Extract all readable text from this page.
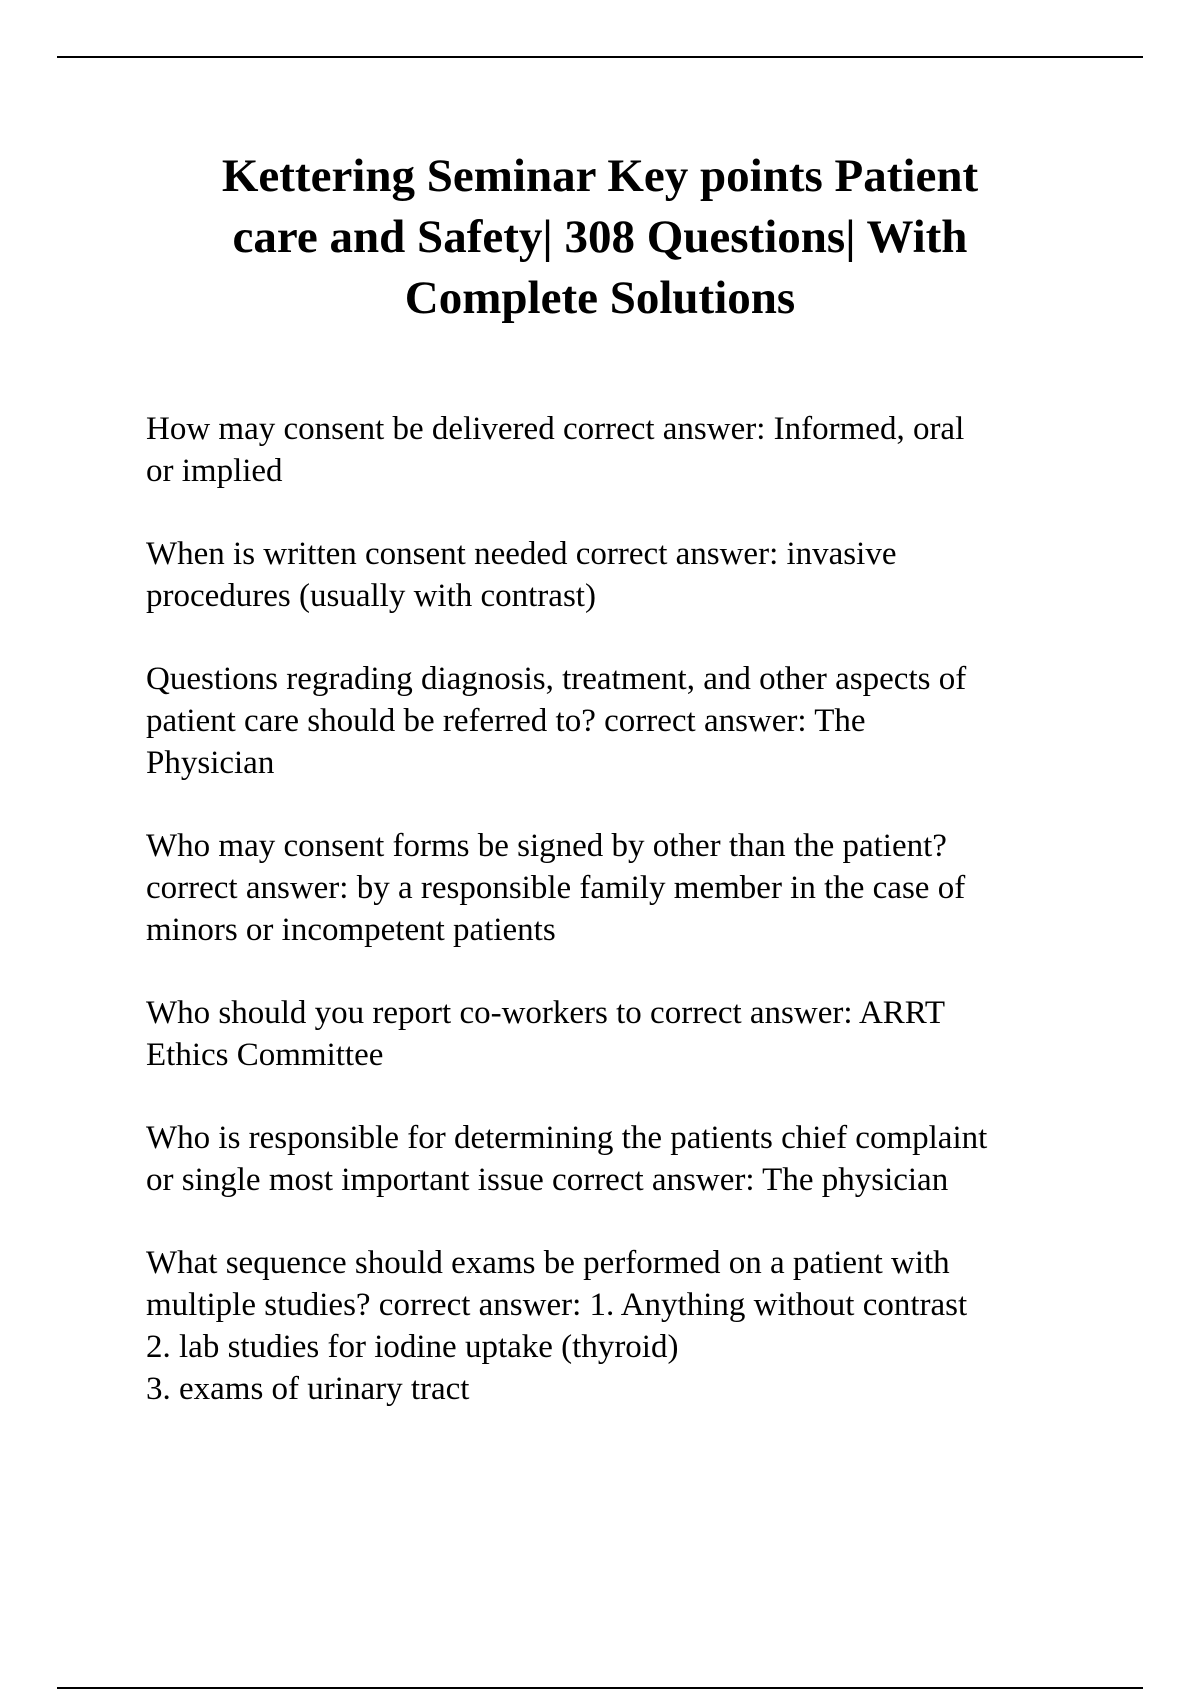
Kettering Seminar Key points Patient
care and Safety| 308 Questions| With
Complete Solutions

How may consent be delivered correct answer: Informed, oral
or implied

When is written consent needed correct answer: invasive
procedures (usually with contrast)

Questions regrading diagnosis, treatment, and other aspects of
patient care should be referred to? correct answer: The
Physician

Who may consent forms be signed by other than the patient?
correct answer: by a responsible family member in the case of
minors or incompetent patients

Who should you report co-workers to correct answer: ARRT
Ethics Committee

Who is responsible for determining the patients chief complaint
or single most important issue correct answer: The physician

What sequence should exams be performed on a patient with
multiple studies? correct answer: 1. Anything without contrast
2. lab studies for iodine uptake (thyroid)
3. exams of urinary tract
